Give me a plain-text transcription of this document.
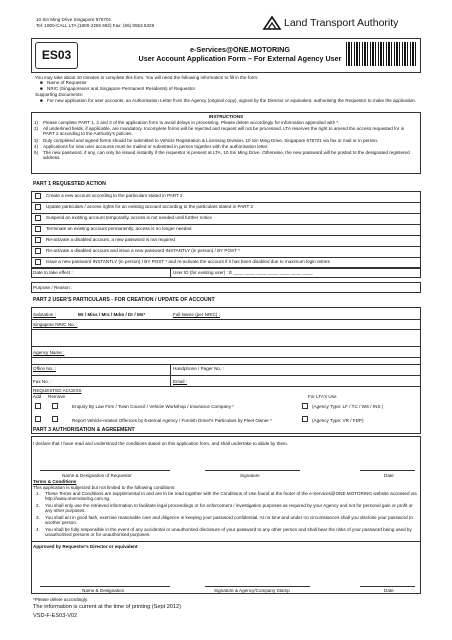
10 Sin Ming Drive Singapore 575701
Tel: 1800-CALL LTA (1800-2255 582) Fax: (65) 6553 5329	Land Transport Authority
ES03	e-Services@ONE.MOTORING
User Account Application Form – For External Agency User
You may take about 10 minutes to complete this form. You will need the following information to fill in the form:
■ Name of Requestor
■ NRIC (Singaporeans and Singapore Permanent Residents) of Requestor
Supporting Documents:
■ For new application for user accounts, an Authorisation Letter from the Agency (original copy), signed by the Director or equivalent, authorising the Requestor to make the application.
INSTRUCTIONS
1) Please complete PART 1, 2 and 3 of the application form to avoid delays in processing. Please delete accordingly for information appended with *.
2) All underlined fields, if applicable, are mandatory. Incomplete forms will be rejected and request will not be processed. LTA reserves the right to amend the access requested for in PART 2 according to the Authority's policies.
3) Duly completed and signed forms should be submitted to Vehicle Registration & Licensing Division, 10 Sin Ming Drive, Singapore 575701 via fax or mail or in person.
4) Applications for new user accounts must be mailed or submitted in person together with the authorisation letter.
5) The new password, if any, can only be issued instantly if the requestor is present at LTA, 10 Sin Ming Drive. Otherwise, the new password will be posted to the designated registered address.
PART 1 REQUESTED ACTION
Create a new account according to the particulars stated in PART 2
Update particulars / access rights for an existing account according to the particulars stated in PART 2
Suspend an existing account temporarily, access is not needed until further notice
Terminate an existing account permanently, access is no longer needed
Re-activate a disabled account, a new password is not required
Re-activate a disabled account and issue a new password INSTANTLY (in person) / BY POST *
Issue a new password INSTANTLY (in person) / BY POST * and re-activate the account if it has been disabled due to maximum login retries
Date to take effect :	User ID (for existing user) : E ____ ____ ____ ____ ____ ____ ____
Purpose / Reason :
PART 2 USER'S PARTICULARS - FOR CREATION / UPDATE OF ACCOUNT
Salutation :	Mr / Miss / Mrs / Mdm / Dr / Ms*	Full Name (per NRIC) :
Singapore NRIC No. :
Agency Name :
Office No. :	Handphone / Pager No. :
Fax No. :	Email :
REQUESTED ACCESS
Add Remove	For LTA's Use
Enquiry By Law Firm / Town Council / Vehicle Workshop / Insurance Company *	(Agency Type: LF / TC / WS / INS )
Report Vehicle-related Offences by External Agency / Furnish Driver's Particulars by Fleet Owner *	(Agency Type: VR / FDP)
PART 3 AUTHORISATION & AGREEMENT
I declare that I have read and understood the conditions stated on this application form, and shall undertake to abide by them.
Name & Designation of Requestor	Signature	Date
Terms & Conditions
This application is subjected but not limited to the following conditions:
1. These Terms and Conditions are supplemental to and are to be read together with the Conditions of Use found at the footer of the e-Services@ONE.MOTORING website accessed via http://www.onemotoring.com.sg.
2. You shall only use the retrieved information to facilitate legal proceedings or for enforcement / investigation purposes as required by your Agency and not for personal gain or profit or any other purposes.
3. You shall act in good faith, exercise reasonable care and diligence in keeping your password confidential. At no time and under no circumstances shall you disclose your password to another person.
4. You shall be fully responsible in the event of any accidental or unauthorised disclosure of your password to any other person and shall bear the risks of your password being used by unauthorised persons or for unauthorised purposes.
Approved by Requestor's Director or equivalent
Name & Designation	Signature & Agency/Company Stamp	Date
*Please delete accordingly.
The information is current at the time of printing (Sept 2012)
VSD-F-ES03-V02
